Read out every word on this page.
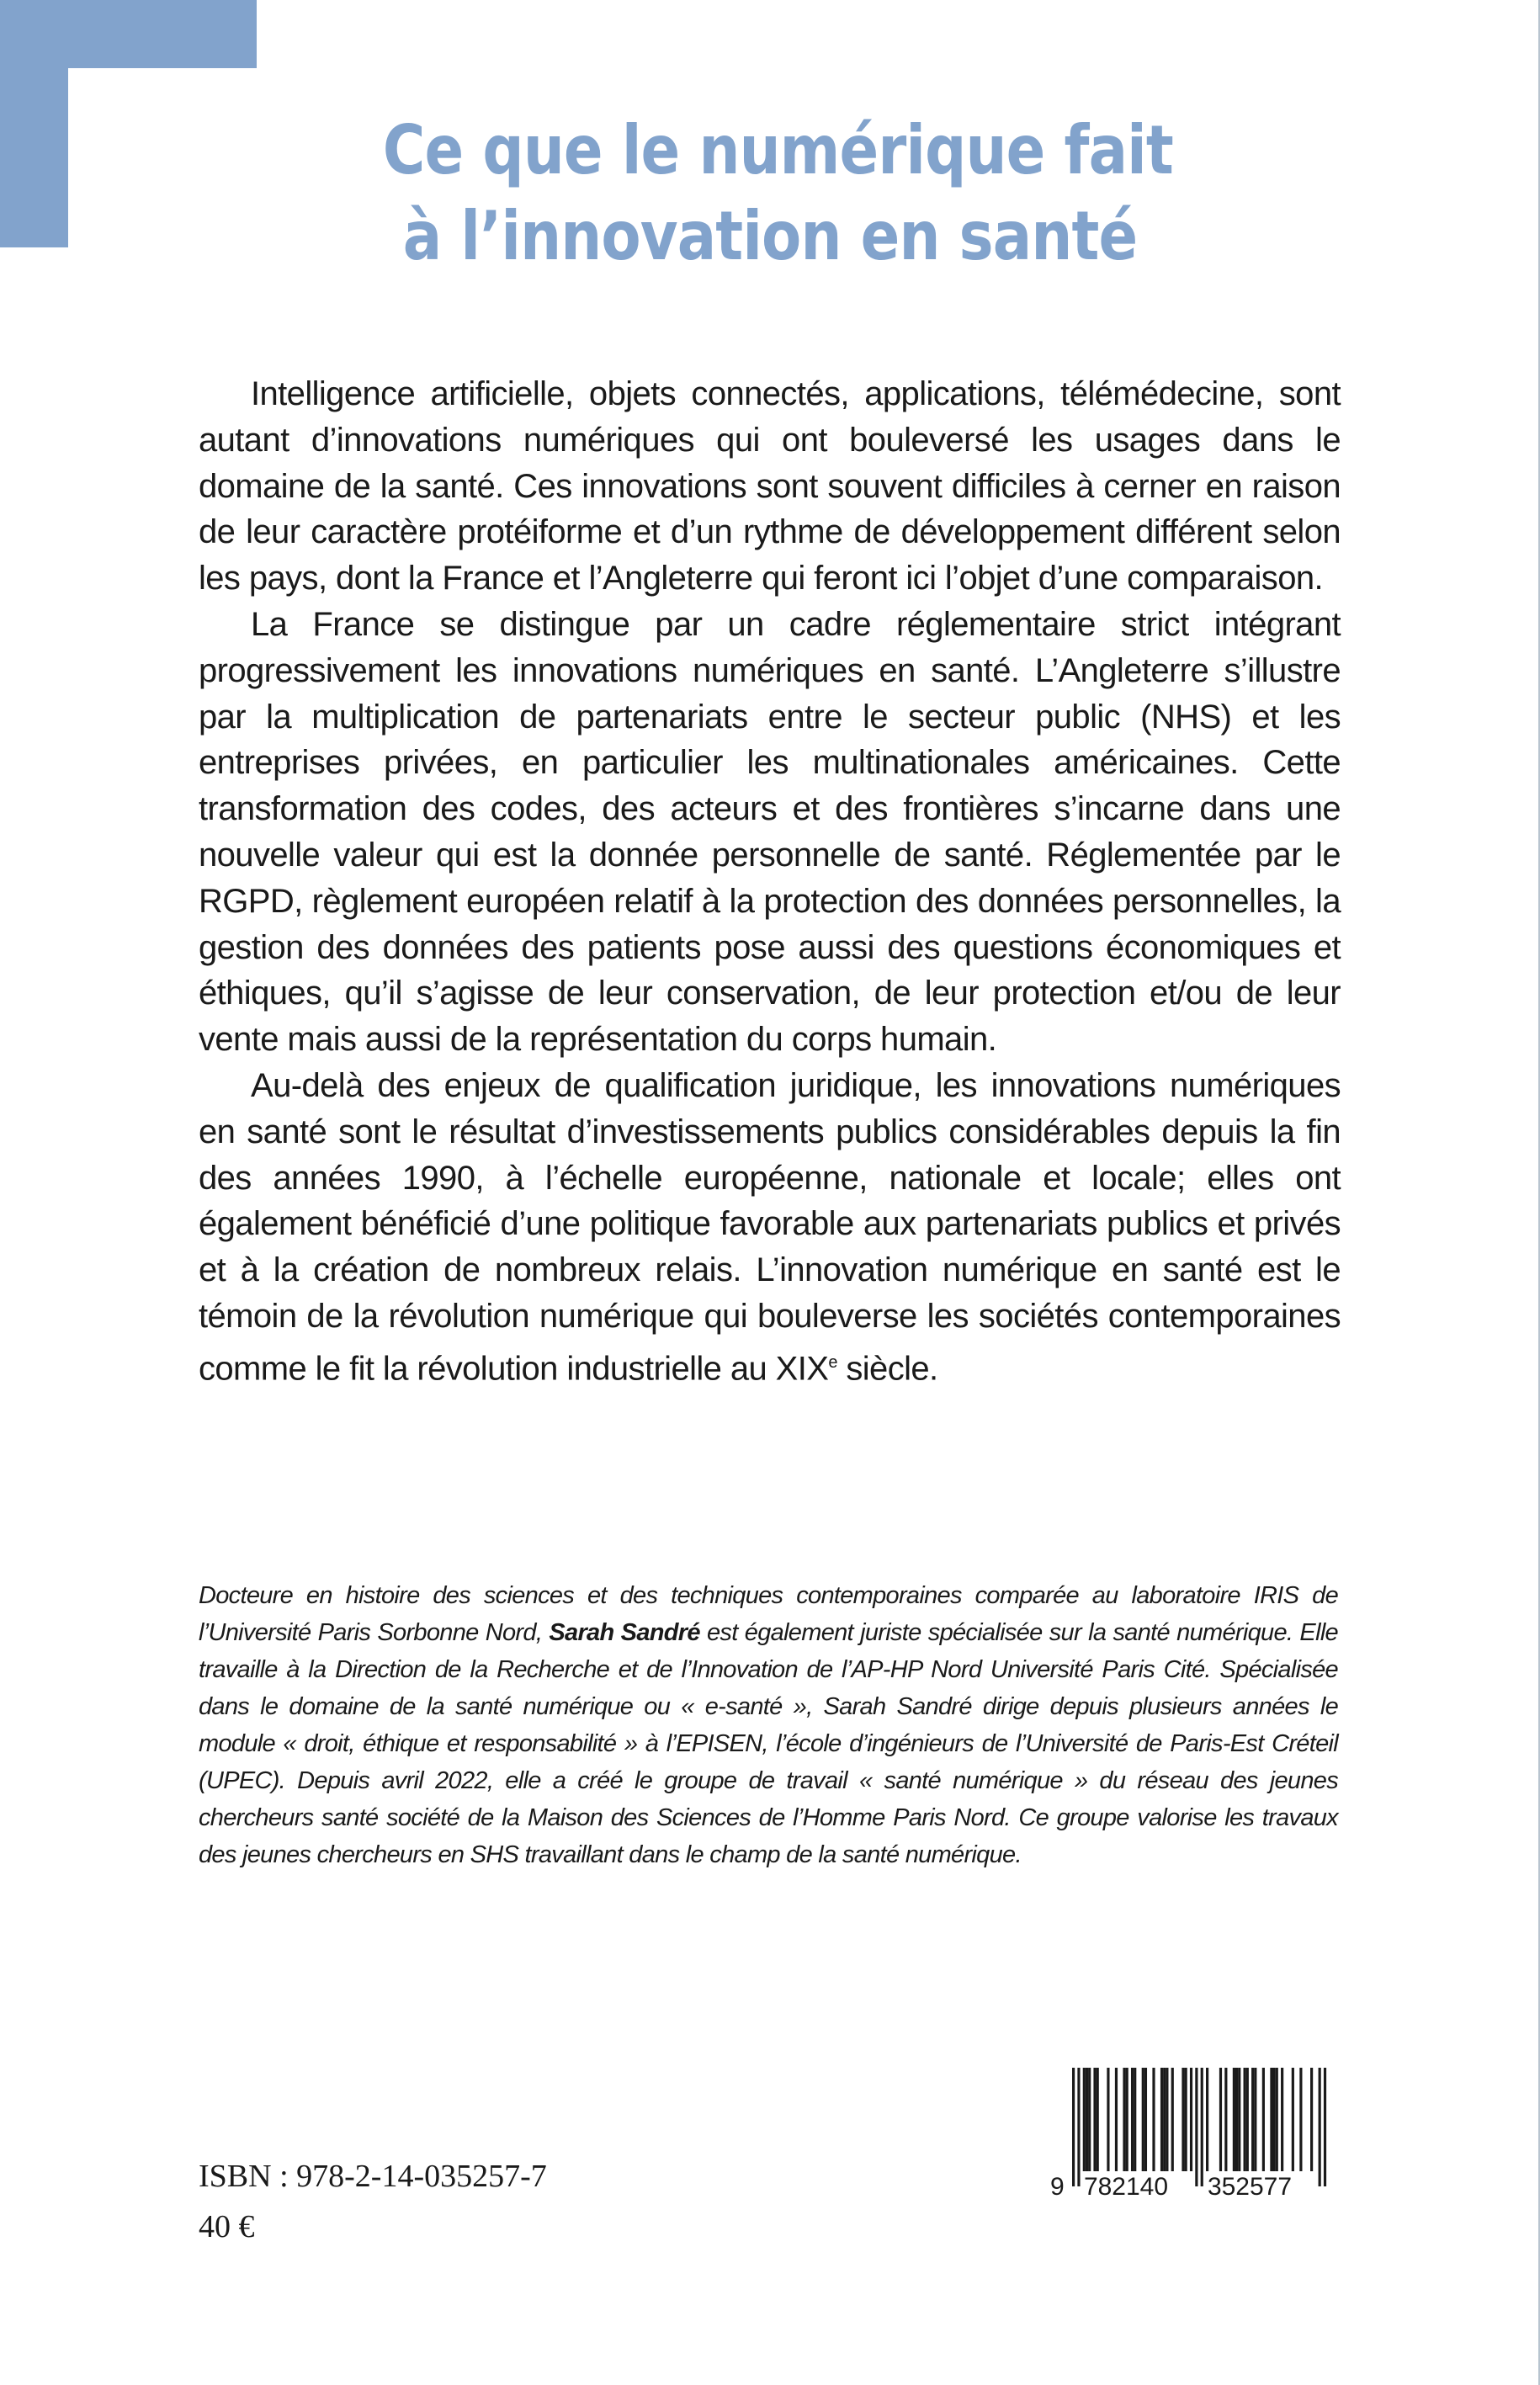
Ce que le numérique fait
à l’innovation en santé

Intelligence artificielle, objets connectés, applications, télémédecine, sont autant d’innovations numériques qui ont bouleversé les usages dans le domaine de la santé. Ces innovations sont souvent difficiles à cerner en raison de leur caractère protéiforme et d’un rythme de développement différent selon les pays, dont la France et l’Angleterre qui feront ici l’objet d’une comparaison.

La France se distingue par un cadre réglementaire strict intégrant progressivement les innovations numériques en santé. L’Angleterre s’illustre par la multiplication de partenariats entre le secteur public (NHS) et les entreprises privées, en particulier les multinationales américaines. Cette transformation des codes, des acteurs et des frontières s’incarne dans une nouvelle valeur qui est la donnée personnelle de santé. Réglementée par le RGPD, règlement européen relatif à la protection des données personnelles, la gestion des données des patients pose aussi des questions économiques et éthiques, qu’il s’agisse de leur conservation, de leur protection et/ou de leur vente mais aussi de la représentation du corps humain.

Au-delà des enjeux de qualification juridique, les innovations numériques en santé sont le résultat d’investissements publics considérables depuis la fin des années 1990, à l’échelle européenne, nationale et locale; elles ont également bénéficié d’une politique favorable aux partenariats publics et privés et à la création de nombreux relais. L’innovation numérique en santé est le témoin de la révolution numérique qui bouleverse les sociétés contemporaines comme le fit la révolution industrielle au XIXe siècle.

Docteure en histoire des sciences et des techniques contemporaines comparée au laboratoire IRIS de l’Université Paris Sorbonne Nord, Sarah Sandré est également juriste spécialisée sur la santé numérique. Elle travaille à la Direction de la Recherche et de l’Innovation de l’AP-HP Nord Université Paris Cité. Spécialisée dans le domaine de la santé numérique ou « e-santé », Sarah Sandré dirige depuis plusieurs années le module « droit, éthique et responsabilité » à l’EPISEN, l’école d’ingénieurs de l’Université de Paris-Est Créteil (UPEC). Depuis avril 2022, elle a créé le groupe de travail « santé numérique » du réseau des jeunes chercheurs santé société de la Maison des Sciences de l’Homme Paris Nord. Ce groupe valorise les travaux des jeunes chercheurs en SHS travaillant dans le champ de la santé numérique.

ISBN : 978-2-14-035257-7
40 €
9 782140 352577
